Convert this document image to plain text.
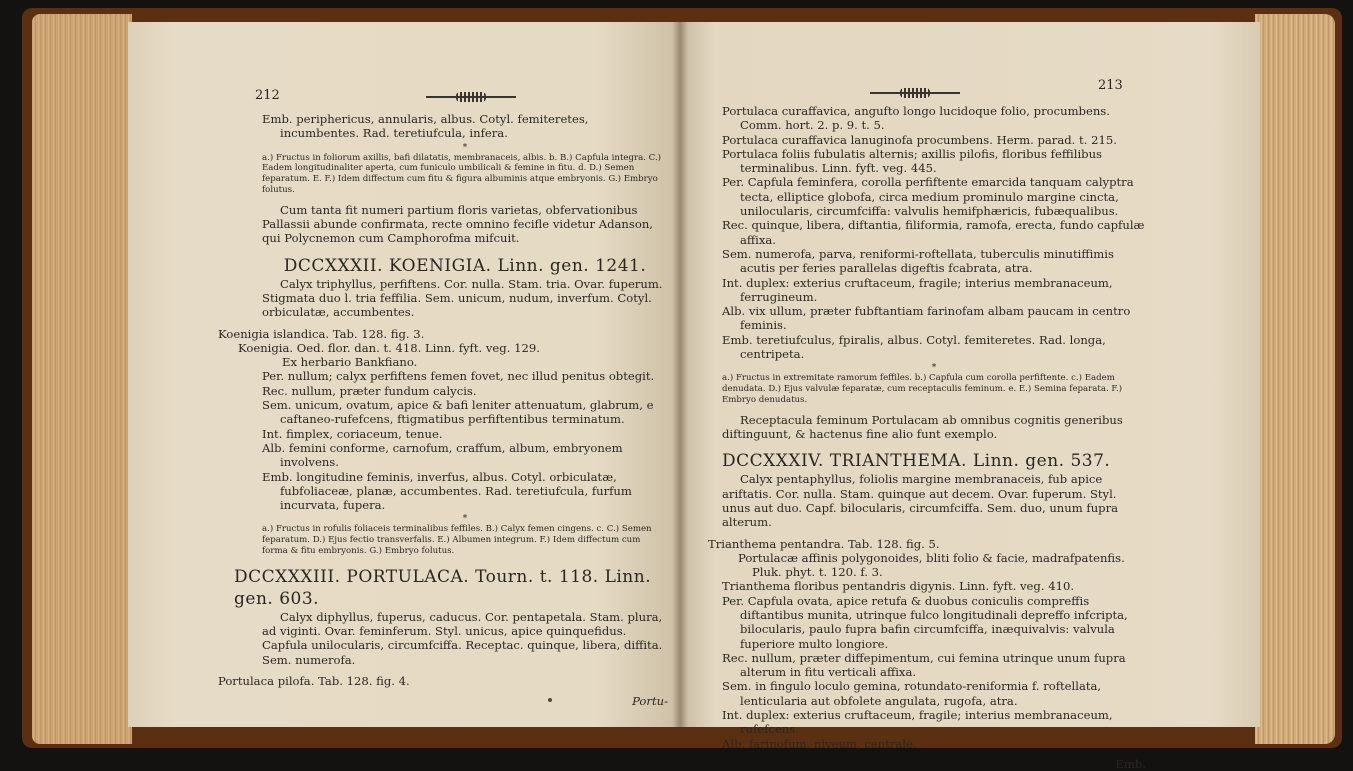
212
213

Emb. periphericus, annularis, albus. Cotyl. femiteretes, incumbentes. Rad. teretiufcula, infera.

*

a.) Fructus in foliorum axillis, bafi dilatatis, membranaceis, albis. b. B.) Capfula integra. C.) Eadem longitudinaliter aperta, cum funiculo umbilicali & femine in fitu. d. D.) Semen feparatum. E. F.) Idem diffectum cum fitu & figura albuminis atque embryonis. G.) Embryo folutus.

Cum tanta fit numeri partium floris varietas, obfervationibus Pallassii abunde confirmata, recte omnino fecifle videtur Adanson, qui Polycnemon cum Camphorofma mifcuit.

DCCXXXII. KOENIGIA. Linn. gen. 1241.

Calyx triphyllus, perfiftens. Cor. nulla. Stam. tria. Ovar. fuperum. Stigmata duo l. tria feffilia. Sem. unicum, nudum, inverfum. Cotyl. orbiculatæ, accumbentes.

Koenigia islandica. Tab. 128. fig. 3.

Koenigia. Oed. flor. dan. t. 418. Linn. fyft. veg. 129.

Ex herbario Bankfiano.

Per. nullum; calyx perfiftens femen fovet, nec illud penitus obtegit.

Rec. nullum, præter fundum calycis.

Sem. unicum, ovatum, apice & bafi leniter attenuatum, glabrum, e caftaneo-rufefcens, ftigmatibus perfiftentibus terminatum.

Int. fimplex, coriaceum, tenue.

Alb. femini conforme, carnofum, craffum, album, embryonem involvens.

Emb. longitudine feminis, inverfus, albus. Cotyl. orbiculatæ, fubfoliaceæ, planæ, accumbentes. Rad. teretiufcula, furfum incurvata, fupera.

*

a.) Fructus in rofulis foliaceis terminalibus feffiles. B.) Calyx femen cingens. c. C.) Semen feparatum. D.) Ejus fectio transverfalis. E.) Albumen integrum. F.) Idem diffectum cum forma & fitu embryonis. G.) Embryo folutus.

DCCXXXIII. PORTULACA. Tourn. t. 118. Linn. gen. 603.

Calyx diphyllus, fuperus, caducus. Cor. pentapetala. Stam. plura, ad viginti. Ovar. feminferum. Styl. unicus, apice quinquefidus. Capfula unilocularis, circumfciffa. Receptac. quinque, libera, diffita. Sem. numerofa.

Portulaca pilofa. Tab. 128. fig. 4.

Portu-

Portulaca curaffavica, angufto longo lucidoque folio, procumbens. Comm. hort. 2. p. 9. t. 5.

Portulaca curaffavica lanuginofa procumbens. Herm. parad. t. 215.

Portulaca foliis fubulatis alternis; axillis pilofis, floribus feffilibus terminalibus. Linn. fyft. veg. 445.

Per. Capfula feminfera, corolla perfiftente emarcida tanquam calyptra tecta, elliptice globofa, circa medium prominulo margine cincta, unilocularis, circumfciffa: valvulis hemifphæricis, fubæqualibus.

Rec. quinque, libera, diftantia, filiformia, ramofa, erecta, fundo capfulæ affixa.

Sem. numerofa, parva, reniformi-roftellata, tuberculis minutiffimis acutis per feries parallelas digeftis fcabrata, atra.

Int. duplex: exterius cruftaceum, fragile; interius membranaceum, ferrugineum.

Alb. vix ullum, præter fubftantiam farinofam albam paucam in centro feminis.

Emb. teretiufculus, fpiralis, albus. Cotyl. femiteretes. Rad. longa, centripeta.

*

a.) Fructus in extremitate ramorum feffiles. b.) Capfula cum corolla perfiftente. c.) Eadem denudata. D.) Ejus valvulæ feparatæ, cum receptaculis feminum. e. E.) Semina feparata. F.) Embryo denudatus.

Receptacula feminum Portulacam ab omnibus cognitis generibus diftinguunt, & hactenus fine alio funt exemplo.

DCCXXXIV. TRIANTHEMA. Linn. gen. 537.

Calyx pentaphyllus, foliolis margine membranaceis, fub apice ariftatis. Cor. nulla. Stam. quinque aut decem. Ovar. fuperum. Styl. unus aut duo. Capf. bilocularis, circumfciffa. Sem. duo, unum fupra alterum.

Trianthema pentandra. Tab. 128. fig. 5.

Portulacæ affinis polygonoides, bliti folio & facie, madrafpatenfis. Pluk. phyt. t. 120. f. 3.

Trianthema floribus pentandris digynis. Linn. fyft. veg. 410.

Per. Capfula ovata, apice retufa & duobus coniculis compreffis diftantibus munita, utrinque fulco longitudinali depreffo infcripta, bilocularis, paulo fupra bafin circumfciffa, inæquivalvis: valvula fuperiore multo longiore.

Rec. nullum, præter diffepimentum, cui femina utrinque unum fupra alterum in fitu verticali affixa.

Sem. in fingulo loculo gemina, rotundato-reniformia f. roftellata, lenticularia aut obfolete angulata, rugofa, atra.

Int. duplex: exterius cruftaceum, fragile; interius membranaceum, rufefcens.

Alb. farinofum, niveum, centrale.

Emb.
